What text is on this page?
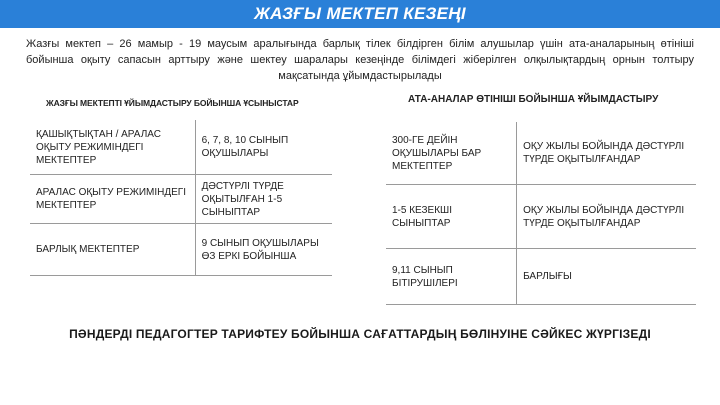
ЖАЗҒЫ МЕКТЕП КЕЗЕҢІ
Жазғы мектеп – 26 мамыр - 19 маусым аралығында барлық тілек білдірген білім алушылар үшін ата-аналарының өтініші бойынша оқыту сапасын арттыру және шектеу шаралары кезеңінде білімдегі жіберілген олқылықтардың орнын толтыру мақсатында ұйымдастырылады
ЖАЗҒЫ МЕКТЕПТІ ҰЙЫМДАСТЫРУ БОЙЫНША ҰСЫНЫСТАР
ҚАШЫҚТЫҚТАН / АРАЛАС ОҚЫТУ РЕЖИМІНДЕГІ МЕКТЕПТЕР	6, 7, 8, 10 СЫНЫП ОҚУШЫЛАРЫ
АРАЛАС ОҚЫТУ РЕЖИМІНДЕГІ МЕКТЕПТЕР	ДӘСТҮРЛІ ТҮРДЕ ОҚЫТЫЛҒАН 1-5 СЫНЫПТАР
БАРЛЫҚ МЕКТЕПТЕР	9 СЫНЫП ОҚУШЫЛАРЫ ӨЗ ЕРКІ БОЙЫНША
АТА-АНАЛАР ӨТІНІШІ БОЙЫНША ҰЙЫМДАСТЫРУ
300-ГЕ ДЕЙІН ОҚУШЫЛАРЫ БАР МЕКТЕПТЕР	ОҚУ ЖЫЛЫ БОЙЫНДА ДӘСТҮРЛІ ТҮРДЕ ОҚЫТЫЛҒАНДАР
1-5 КЕЗЕКШІ СЫНЫПТАР	ОҚУ ЖЫЛЫ БОЙЫНДА ДӘСТҮРЛІ ТҮРДЕ ОҚЫТЫЛҒАНДАР
9,11 СЫНЫП БІТІРУШІЛЕРІ	БАРЛЫҒЫ
ПӘНДЕРДІ ПЕДАГОГТЕР ТАРИФТЕУ БОЙЫНША САҒАТТАРДЫҢ БӨЛІНУІНЕ СӘЙКЕС ЖҮРГІЗЕДІ
